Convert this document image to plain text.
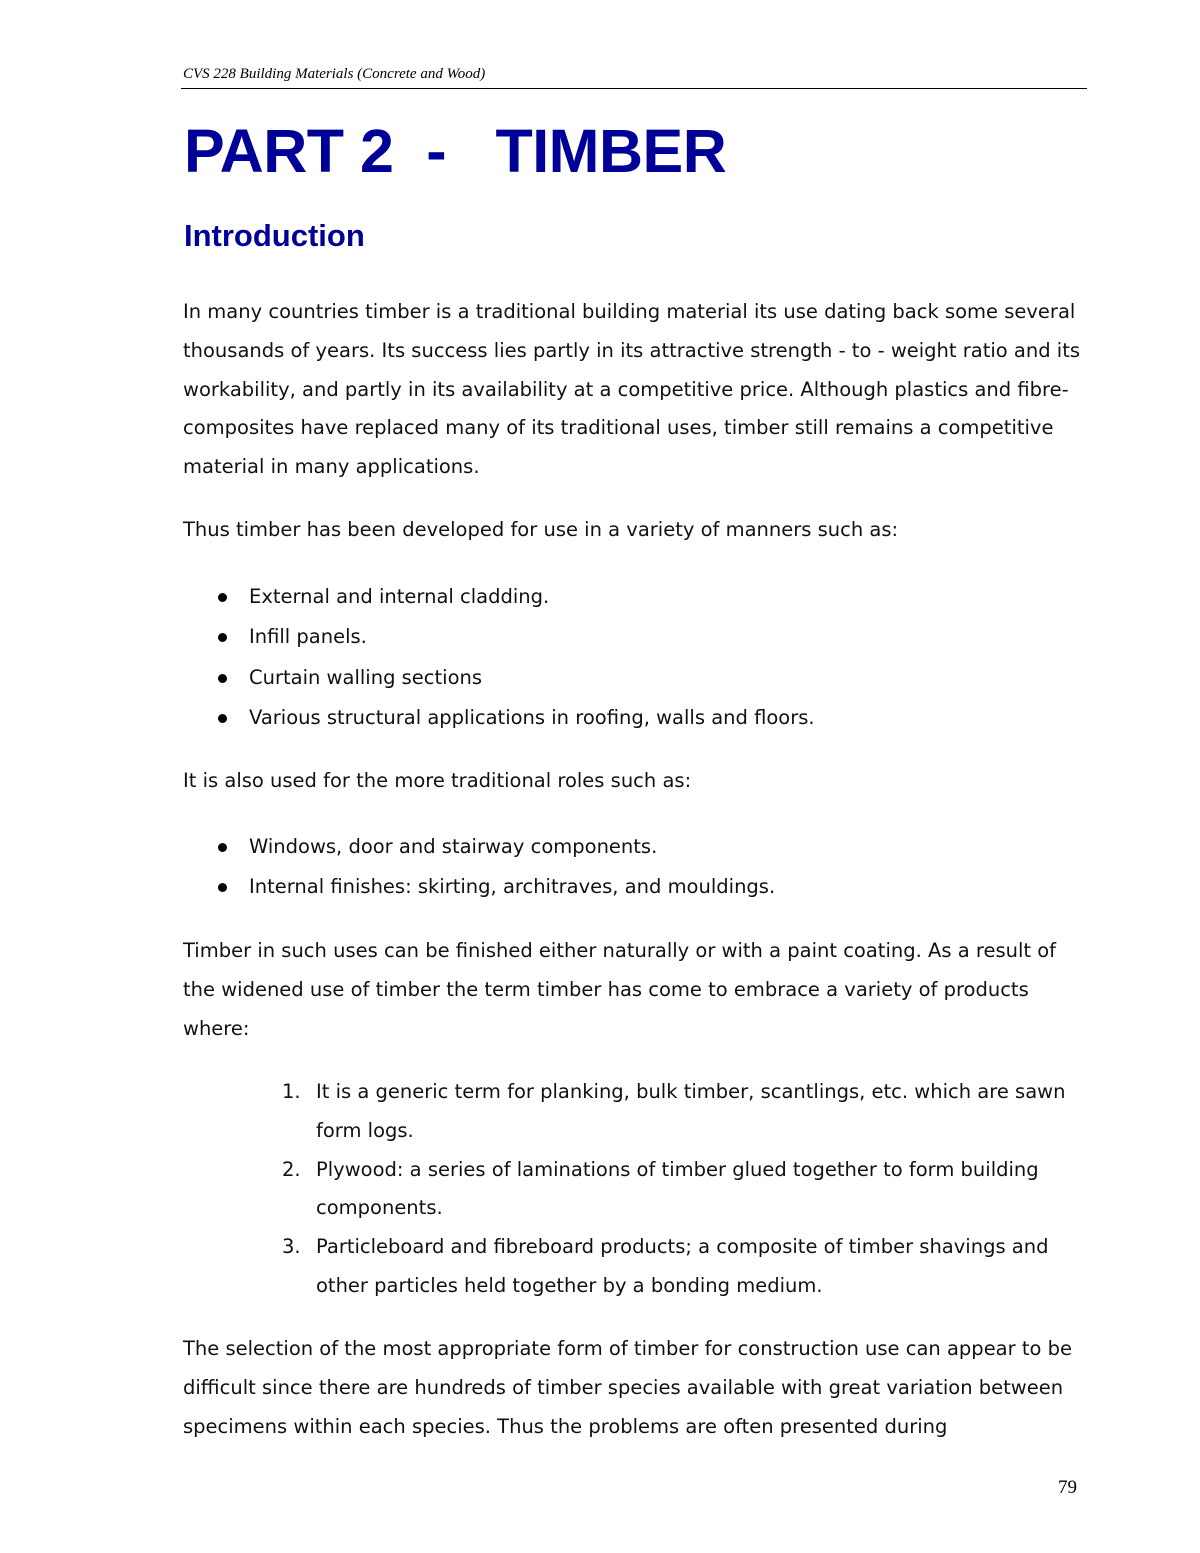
CVS 228 Building Materials (Concrete and Wood)
PART 2  -   TIMBER
Introduction

In many countries timber is a traditional building material its use dating back some several thousands of years. Its success lies partly in its attractive strength - to - weight ratio and its workability, and partly in its availability at a competitive price. Although plastics and fibre-composites have replaced many of its traditional uses, timber still remains a competitive material in many applications.

Thus timber has been developed for use in a variety of manners such as:

External and internal cladding.
Infill panels.
Curtain walling sections
Various structural applications in roofing, walls and floors.

It is also used for the more traditional roles such as:

Windows, door and stairway components.
Internal finishes: skirting, architraves, and mouldings.

Timber in such uses can be finished either naturally or with a paint coating. As a result of the widened use of timber the term timber has come to embrace a variety of products where:

1. It is a generic term for planking, bulk timber, scantlings, etc. which are sawn form logs.
2. Plywood: a series of laminations of timber glued together to form building components.
3. Particleboard and fibreboard products; a composite of timber shavings and other particles held together by a bonding medium.

The selection of the most appropriate form of timber for construction use can appear to be difficult since there are hundreds of timber species available with great variation between specimens within each species. Thus the problems are often presented during

79
